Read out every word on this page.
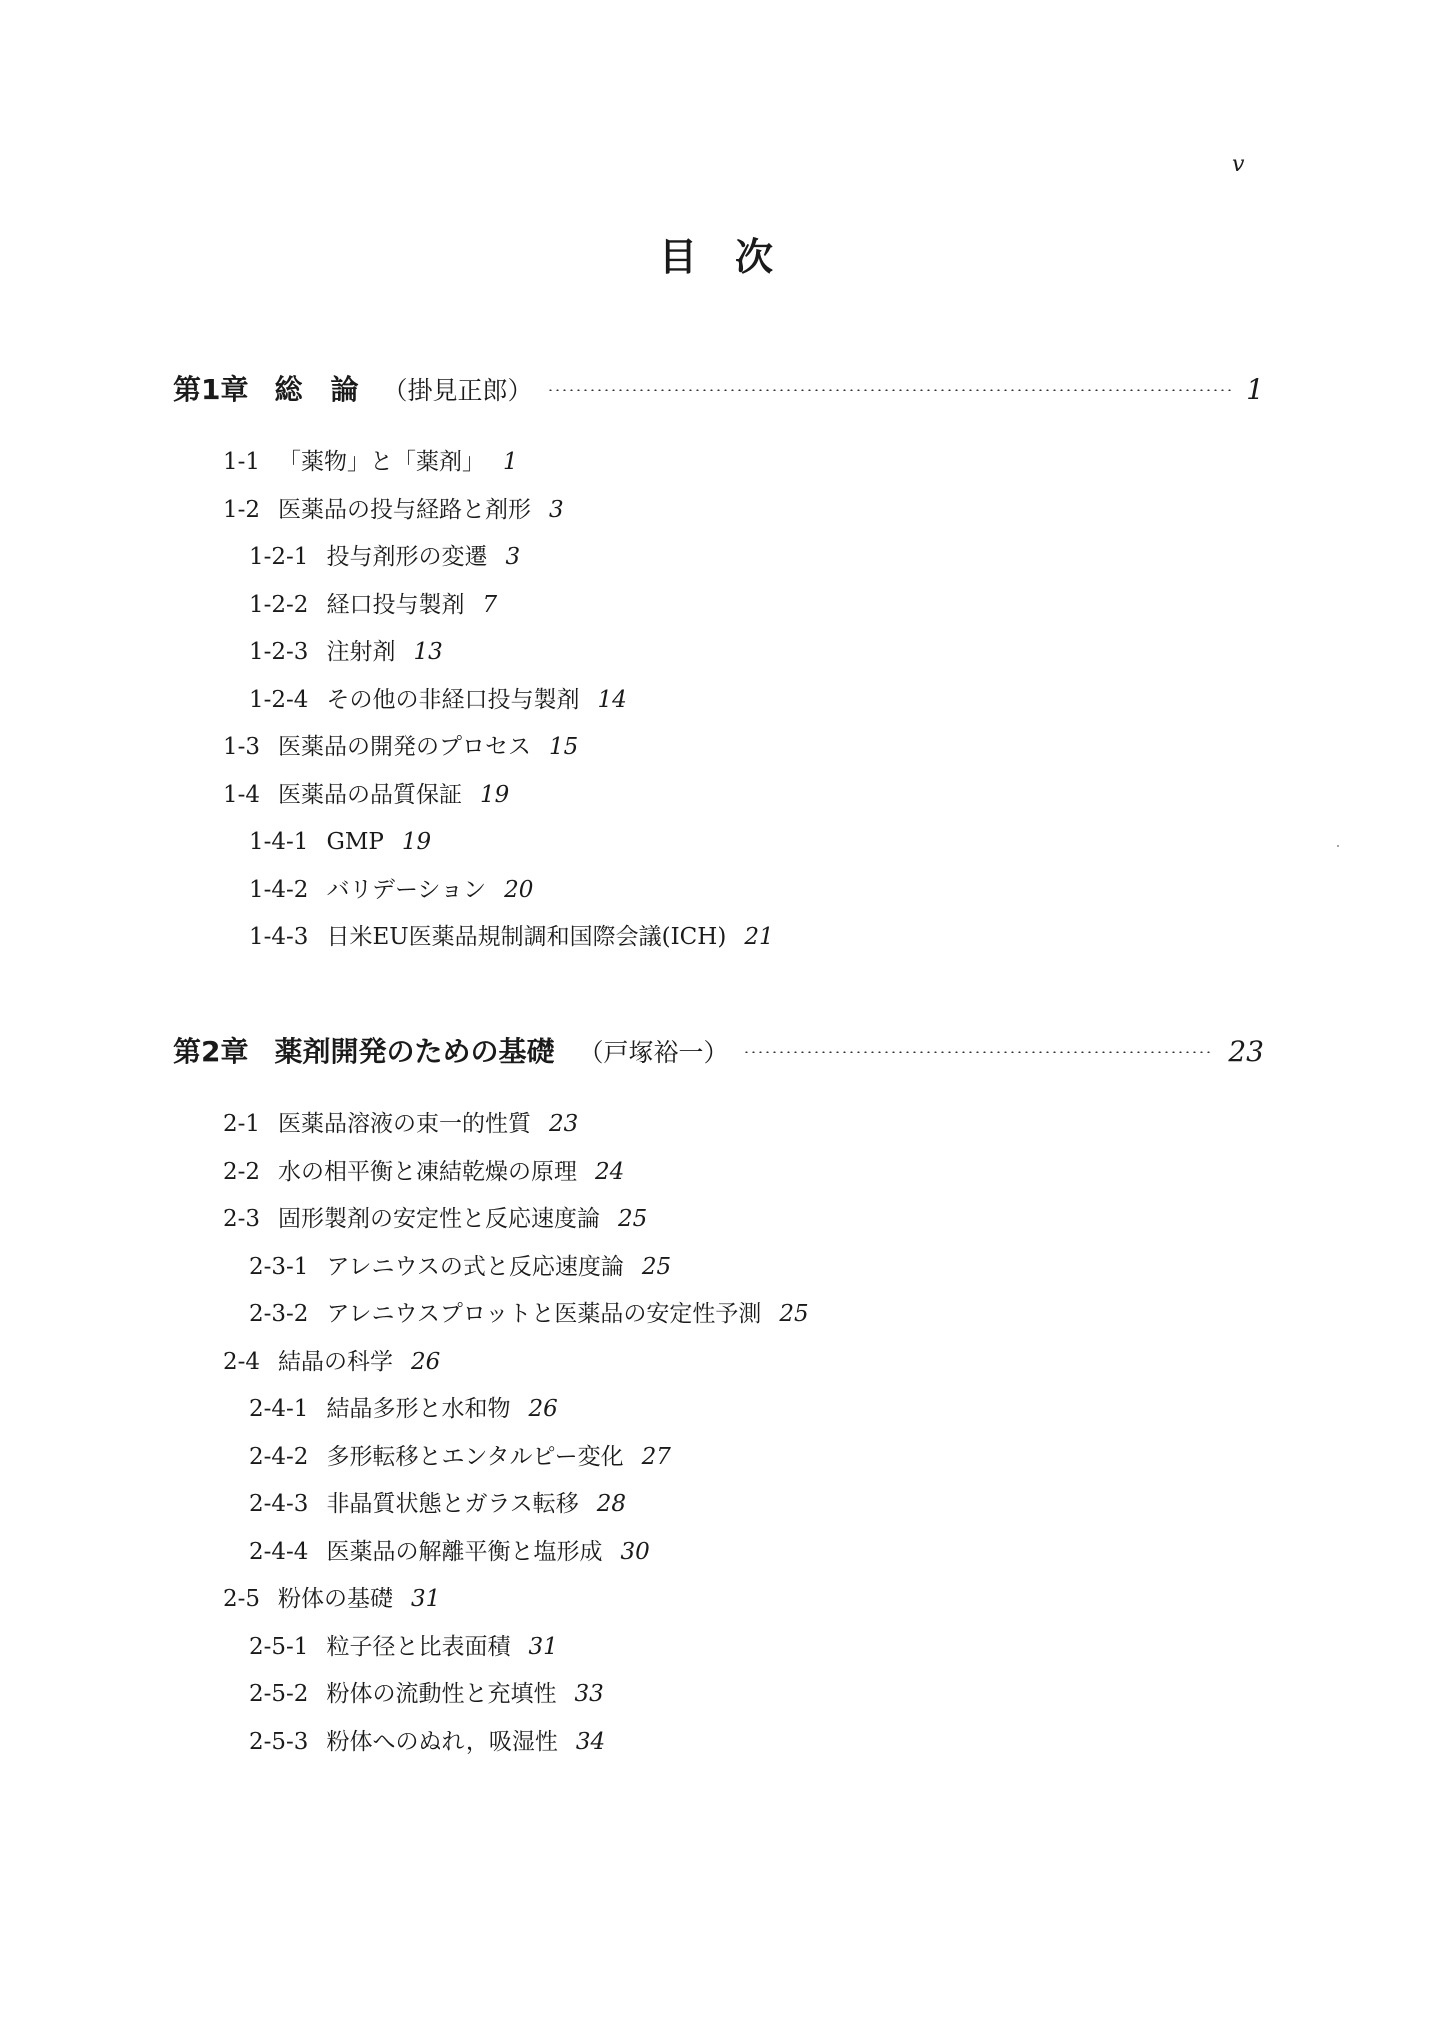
v
目次
第1章 総　論 （掛見正郎）	1
1-1 「薬物」と「薬剤」 1
1-2 医薬品の投与経路と剤形 3
1-2-1 投与剤形の変遷 3
1-2-2 経口投与製剤 7
1-2-3 注射剤 13
1-2-4 その他の非経口投与製剤 14
1-3 医薬品の開発のプロセス 15
1-4 医薬品の品質保証 19
1-4-1 GMP 19
1-4-2 バリデーション 20
1-4-3 日米EU医薬品規制調和国際会議(ICH) 21
第2章 薬剤開発のための基礎 （戸塚裕一）	23
2-1 医薬品溶液の束一的性質 23
2-2 水の相平衡と凍結乾燥の原理 24
2-3 固形製剤の安定性と反応速度論 25
2-3-1 アレニウスの式と反応速度論 25
2-3-2 アレニウスプロットと医薬品の安定性予測 25
2-4 結晶の科学 26
2-4-1 結晶多形と水和物 26
2-4-2 多形転移とエンタルピー変化 27
2-4-3 非晶質状態とガラス転移 28
2-4-4 医薬品の解離平衡と塩形成 30
2-5 粉体の基礎 31
2-5-1 粒子径と比表面積 31
2-5-2 粉体の流動性と充填性 33
2-5-3 粉体へのぬれ，吸湿性 34
